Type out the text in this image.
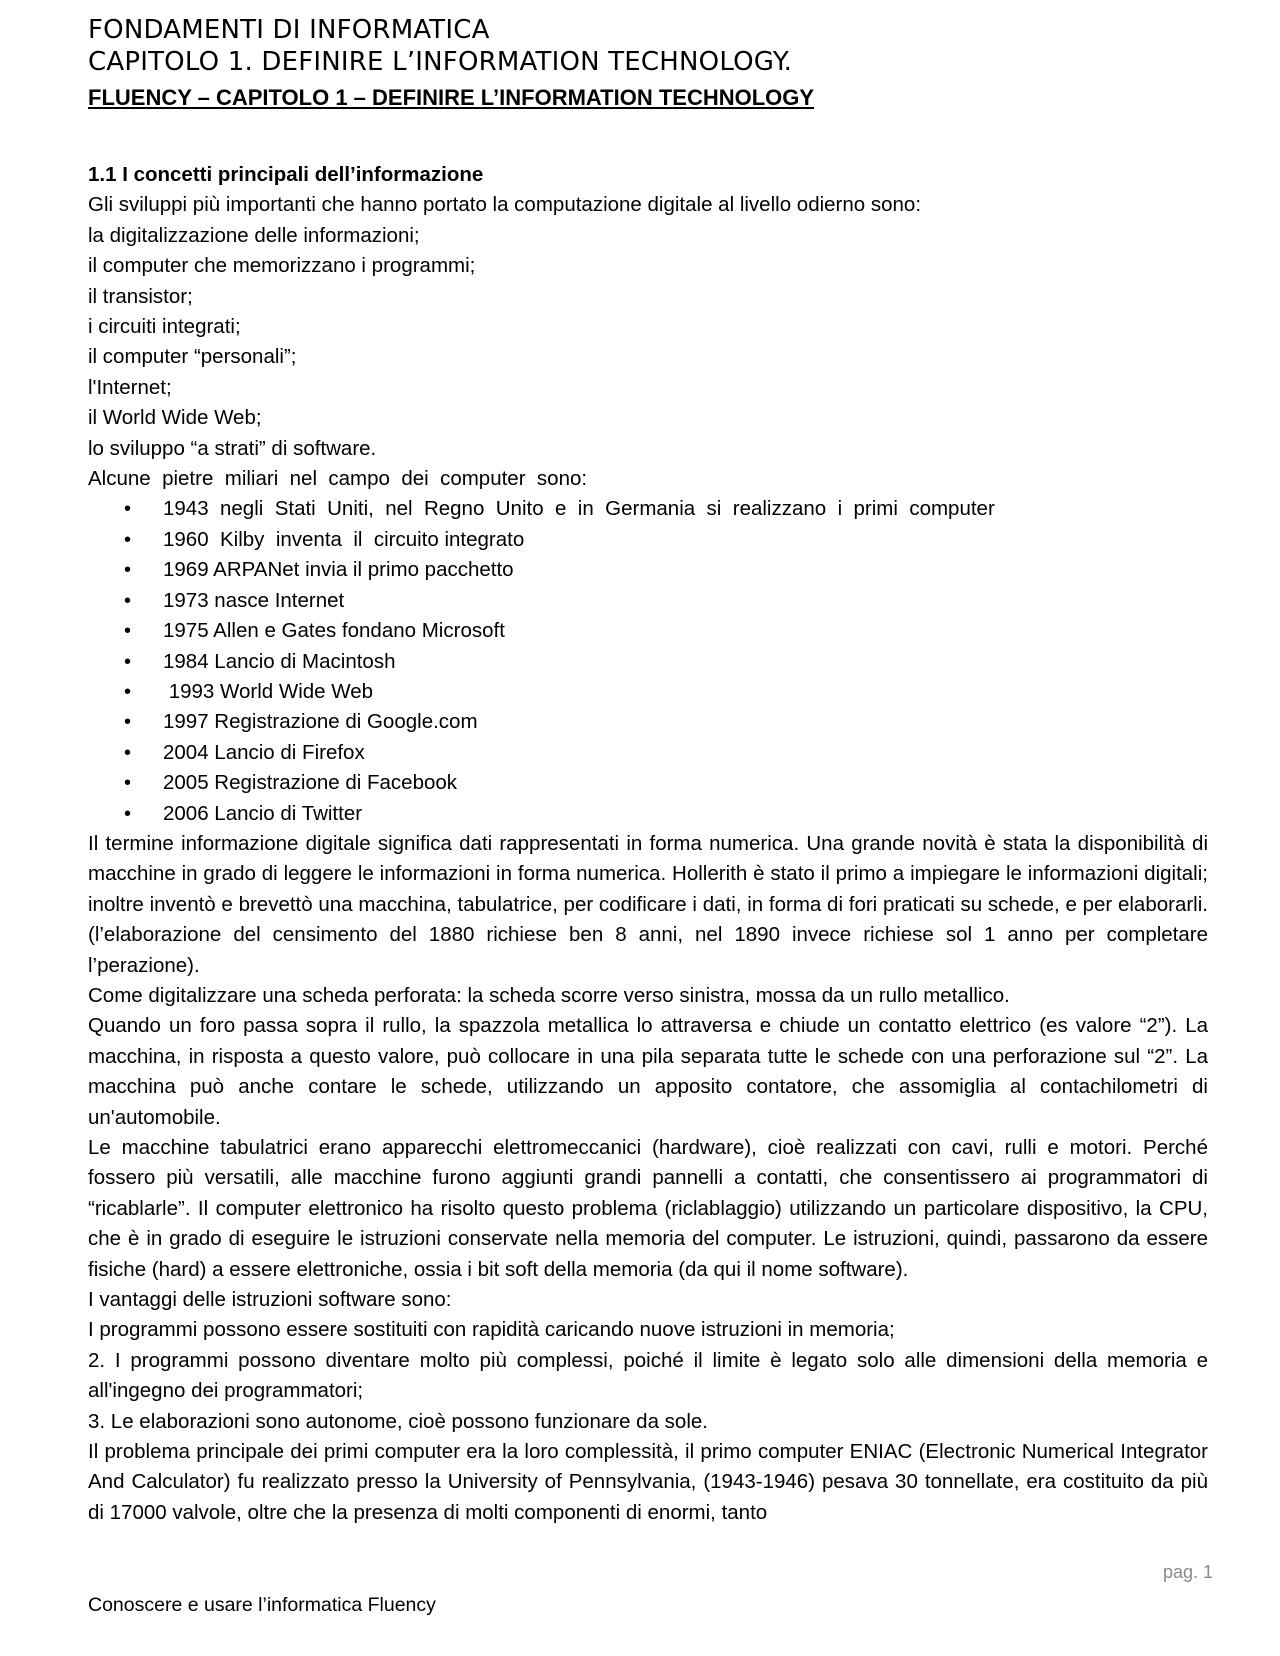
FONDAMENTI DI INFORMATICA
CAPITOLO 1. DEFINIRE L’INFORMATION TECHNOLOGY.
FLUENCY – CAPITOLO 1 – DEFINIRE L’INFORMATION TECHNOLOGY
1.1 I concetti principali dell’informazione
Gli sviluppi più importanti che hanno portato la computazione digitale al livello odierno sono:
la digitalizzazione delle informazioni;
il computer che memorizzano i programmi;
il transistor;
i circuiti integrati;
il computer “personali”;
l'Internet;
il World Wide Web;
lo sviluppo “a strati” di software.
Alcune  pietre  miliari  nel  campo  dei  computer  sono:
• 1943  negli  Stati  Uniti,  nel  Regno  Unito  e  in  Germania  si  realizzano  i  primi  computer
• 1960  Kilby  inventa  il  circuito integrato
• 1969 ARPANet invia il primo pacchetto
• 1973 nasce Internet
• 1975 Allen e Gates fondano Microsoft
• 1984 Lancio di Macintosh
•  1993 World Wide Web
• 1997 Registrazione di Google.com
• 2004 Lancio di Firefox
• 2005 Registrazione di Facebook
• 2006 Lancio di Twitter
Il termine informazione digitale significa dati rappresentati in forma numerica. Una grande novità è stata la disponibilità di macchine in grado di leggere le informazioni in forma numerica. Hollerith è stato il primo a impiegare le informazioni digitali; inoltre inventò e brevettò una macchina, tabulatrice, per codificare i dati, in forma di fori praticati su schede, e per elaborarli. (l’elaborazione del censimento del 1880 richiese ben 8 anni, nel 1890 invece richiese sol 1 anno per completare l’perazione).
Come digitalizzare una scheda perforata: la scheda scorre verso sinistra, mossa da un rullo metallico.
Quando un foro passa sopra il rullo, la spazzola metallica lo attraversa e chiude un contatto elettrico (es valore “2”). La macchina, in risposta a questo valore, può collocare in una pila separata tutte le schede con una perforazione sul “2”. La macchina può anche contare le schede, utilizzando un apposito contatore, che assomiglia al contachilometri di un'automobile.
Le macchine tabulatrici erano apparecchi elettromeccanici (hardware), cioè realizzati con cavi, rulli e motori. Perché fossero più versatili, alle macchine furono aggiunti grandi pannelli a contatti, che consentissero ai programmatori di “ricablarle”. Il computer elettronico ha risolto questo problema (riclablaggio) utilizzando un particolare dispositivo, la CPU, che è in grado di eseguire le istruzioni conservate nella memoria del computer. Le istruzioni, quindi, passarono da essere fisiche (hard) a essere elettroniche, ossia i bit soft della memoria (da qui il nome software).
I vantaggi delle istruzioni software sono:
I programmi possono essere sostituiti con rapidità caricando nuove istruzioni in memoria;
2. I programmi possono diventare molto più complessi, poiché il limite è legato solo alle dimensioni della memoria e all'ingegno dei programmatori;
3. Le elaborazioni sono autonome, cioè possono funzionare da sole.
Il problema principale dei primi computer era la loro complessità, il primo computer ENIAC (Electronic Numerical Integrator And Calculator) fu realizzato presso la University of Pennsylvania, (1943-1946) pesava 30 tonnellate, era costituito da più di 17000 valvole, oltre che la presenza di molti componenti di enormi, tanto
pag. 1
Conoscere e usare l’informatica Fluency
